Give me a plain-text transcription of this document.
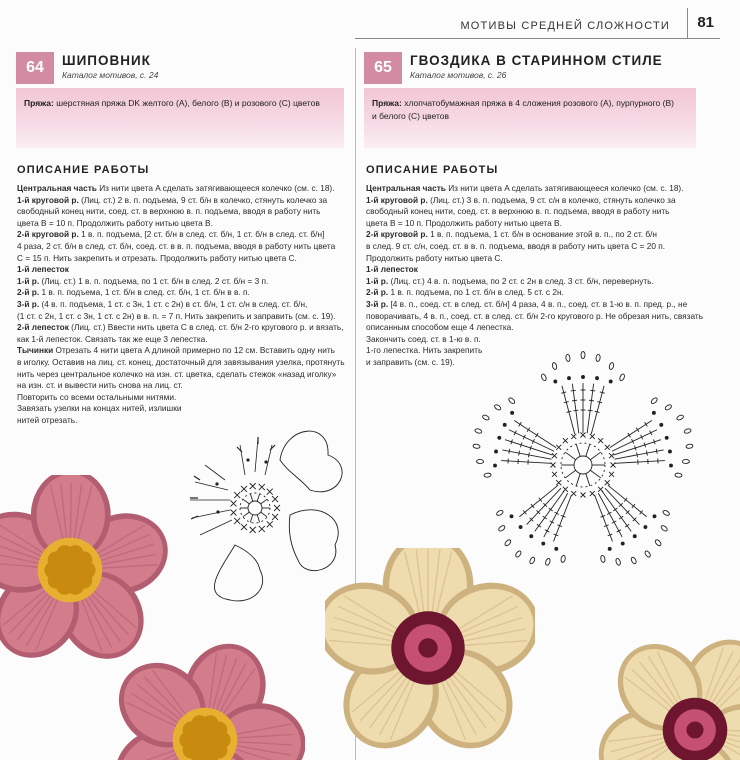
МОТИВЫ СРЕДНЕЙ СЛОЖНОСТИ 81
64	ШИПОВНИК
Каталог мотивов, с. 24
Пряжа: шерстяная пряжа DK желтого (A), белого (B) и розового (C) цветов
ОПИСАНИЕ РАБОТЫ

Центральная часть Из нити цвета A сделать затягивающееся колечко (см. с. 18).

1-й круговой р. (Лиц. ст.) 2 в. п. подъема, 9 ст. б/н в колечко, стянуть колечко за

свободный конец нити, соед. ст. в верхнюю в. п. подъема, вводя в работу нить

цвета B = 10 п. Продолжить работу нитью цвета B.

2-й круговой р. 1 в. п. подъема, [2 ст. б/н в след. ст. б/н, 1 ст. б/н в след. ст. б/н]

4 раза, 2 ст. б/н в след. ст. б/н, соед. ст. в в. п. подъема, вводя в работу нить цвета

C = 15 п. Нить закрепить и отрезать. Продолжить работу нитью цвета C.

1-й лепесток

1-й р. (Лиц. ст.) 1 в. п. подъема, по 1 ст. б/н в след. 2 ст. б/н = 3 п.

2-й р. 1 в. п. подъема, 1 ст. б/н в след. ст. б/н, 1 ст. б/н в в. п.

3-й р. (4 в. п. подъема, 1 ст. с 3н, 1 ст. с 2н) в ст. б/н, 1 ст. с/н в след. ст. б/н,

(1 ст. с 2н, 1 ст. с 3н, 1 ст. с 2н) в в. п. = 7 п. Нить закрепить и заправить (см. с. 19).

2-й лепесток (Лиц. ст.) Ввести нить цвета C в след. ст. б/н 2-го кругового р. и вязать,

как 1-й лепесток. Связать так же еще 3 лепестка.

Тычинки Отрезать 4 нити цвета A длиной примерно по 12 см. Вставить одну нить

в иголку. Оставив на лиц. ст. конец, достаточный для завязывания узелка, протянуть

нить через центральное колечко на изн. ст. цветка, сделать стежок «назад иголку»

на изн. ст. и вывести нить снова на лиц. ст.

Повторить со всеми остальными нитями.

Завязать узелки на концах нитей, излишки

нитей отрезать.

65	ГВОЗДИКА В СТАРИННОМ СТИЛЕ
Каталог мотивов, с. 26
Пряжа: хлопчатобумажная пряжа в 4 сложения розового (A), пурпурного (B)
и белого (C) цветов
ОПИСАНИЕ РАБОТЫ

Центральная часть Из нити цвета A сделать затягивающееся колечко (см. с. 18).

1-й круговой р. (Лиц. ст.) 3 в. п. подъема, 9 ст. с/н в колечко, стянуть колечко за

свободный конец нити, соед. ст. в верхнюю в. п. подъема, вводя в работу нить

цвета B = 10 п. Продолжить работу нитью цвета B.

2-й круговой р. 1 в. п. подъема, 1 ст. б/н в основание этой в. п., по 2 ст. б/н

в след. 9 ст. с/н, соед. ст. в в. п. подъема, вводя в работу нить цвета C = 20 п.

Продолжить работу нитью цвета C.

1-й лепесток

1-й р. (Лиц. ст.) 4 в. п. подъема, по 2 ст. с 2н в след. 3 ст. б/н, перевернуть.

2-й р. 1 в. п. подъема, по 1 ст. б/н в след. 5 ст. с 2н.

3-й р. [4 в. п., соед. ст. в след. ст. б/н] 4 раза, 4 в. п., соед. ст. в 1-ю в. п. пред. р., не

поворачивать, 4 в. п., соед. ст. в след. ст. б/н 2-го кругового р. Не обрезая нить, связать

описанным способом еще 4 лепестка.

Закончить соед. ст. в 1-ю в. п.

1-го лепестка. Нить закрепить

и заправить (см. с. 19).
